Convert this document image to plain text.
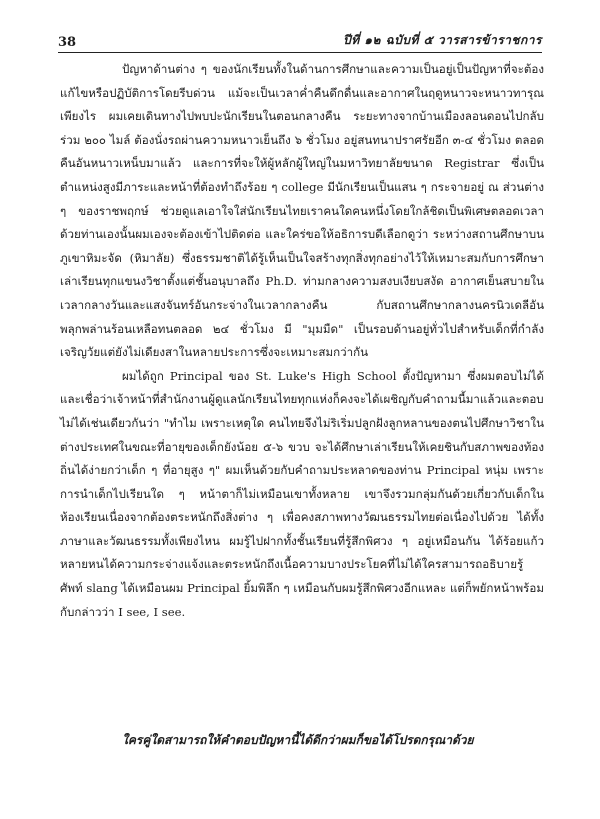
38	ปีที่ ๑๒ ฉบับที่ ๕ วารสารข้าราชการ

ปัญหาด้านต่าง ๆ ของนักเรียนทั้งในด้านการศึกษาและความเป็นอยู่เป็นปัญหาที่จะต้องแก้ไขหรือปฏิบัติการโดยรีบด่วน แม้จะเป็นเวลาค่ำคืนดึกดื่นและอากาศในฤดูหนาวจะหนาวทารุณเพียงไร ผมเคยเดินทางไปพบปะนักเรียนในตอนกลางคืน ระยะทางจากบ้านเมืองลอนดอนไปกลับร่วม ๒๐๐ ไมล์ ต้องนั่งรถผ่านความหนาวเย็นถึง ๖ ชั่วโมง อยู่สนทนาปราศรัยอีก ๓-๔ ชั่วโมง ตลอดคืนอันหนาวเหน็บมาแล้ว และการที่จะให้ผู้หลักผู้ใหญ่ในมหาวิทยาลัยขนาด Registrar ซึ่งเป็นตำแหน่งสูงมีภาระและหน้าที่ต้องทำถึงร้อย ๆ college มีนักเรียนเป็นแสน ๆ กระจายอยู่ ณ ส่วนต่าง ๆ ของราชพฤกษ์ ช่วยดูแลเอาใจใส่นักเรียนไทยเราคนใดคนหนึ่งโดยใกล้ชิดเป็นพิเศษตลอดเวลาด้วยท่านเองนั้นผมเองจะต้องเข้าไปติดต่อ และใคร่ขอให้อธิการบดีเลือกดูว่า ระหว่างสถานศึกษาบนภูเขาหิมะจัด (หิมาลัย) ซึ่งธรรมชาติได้รู้เห็นเป็นใจสร้างทุกสิ่งทุกอย่างไว้ให้เหมาะสมกับการศึกษาเล่าเรียนทุกแขนงวิชาตั้งแต่ชั้นอนุบาลถึง Ph.D. ท่ามกลางความสงบเงียบสงัด อากาศเย็นสบายในเวลากลางวันและแสงจันทร์อันกระจ่างในเวลากลางคืน กับสถานศึกษากลางนครนิวเดลีอันพลุกพล่านร้อนเหลือทนตลอด ๒๔ ชั่วโมง มี "มุมมืด" เป็นรอบด้านอยู่ทั่วไปสำหรับเด็กที่กำลังเจริญวัยแต่ยังไม่เดียงสาในหลายประการซึ่งจะเหมาะสมกว่ากัน

ผมได้ถูก Principal ของ St. Luke's High School ตั้งปัญหามา ซึ่งผมตอบไม่ได้ และเชื่อว่าเจ้าหน้าที่สำนักงานผู้ดูแลนักเรียนไทยทุกแห่งก็คงจะได้เผชิญกับคำถามนี้มาแล้วและตอบไม่ได้เช่นเดียวกันว่า "ทำไม เพราะเหตุใด คนไทยจึงไม่ริเริ่มปลูกฝังลูกหลานของตนไปศึกษาวิชาในต่างประเทศในขณะที่อายุของเด็กยังน้อย ๕-๖ ขวบ จะได้ศึกษาเล่าเรียนให้เคยชินกับสภาพของท้องถิ่นได้ง่ายกว่าเด็ก ๆ ที่อายุสูง ๆ" ผมเห็นด้วยกับคำถามประหลาดของท่าน Principal หนุ่ม เพราะการนำเด็กไปเรียนใด ๆ หน้าตาก็ไม่เหมือนเขาทั้งหลาย เขาจึงรวมกลุ่มกันด้วยเกี่ยวกับเด็กในห้องเรียนเนื่องจากต้องตระหนักถึงสิ่งต่าง ๆ เพื่อคงสภาพทางวัฒนธรรมไทยต่อเนื่องไปด้วย ได้ทั้งภาษาและวัฒนธรรมทั้งเพียงไหน ผมรู้ไปฝากทั้งชั้นเรียนที่รู้สึกพิศวง ๆ อยู่เหมือนกัน ได้ร้อยแก้วหลายหนได้ความกระจ่างแจ้งและตระหนักถึงเนื้อความบางประโยคที่ไม่ได้ใครสามารถอธิบายรู้ศัพท์ slang ได้เหมือนผม Principal ยิ้มพิลึก ๆ เหมือนกับผมรู้สึกพิศวงอีกแหละ แต่ก็พยักหน้าพร้อมกับกล่าวว่า I see, I see.

ใครคู่ใดสามารถให้คำตอบปัญหานี้ได้ดีกว่าผมก็ขอได้โปรดกรุณาด้วย
